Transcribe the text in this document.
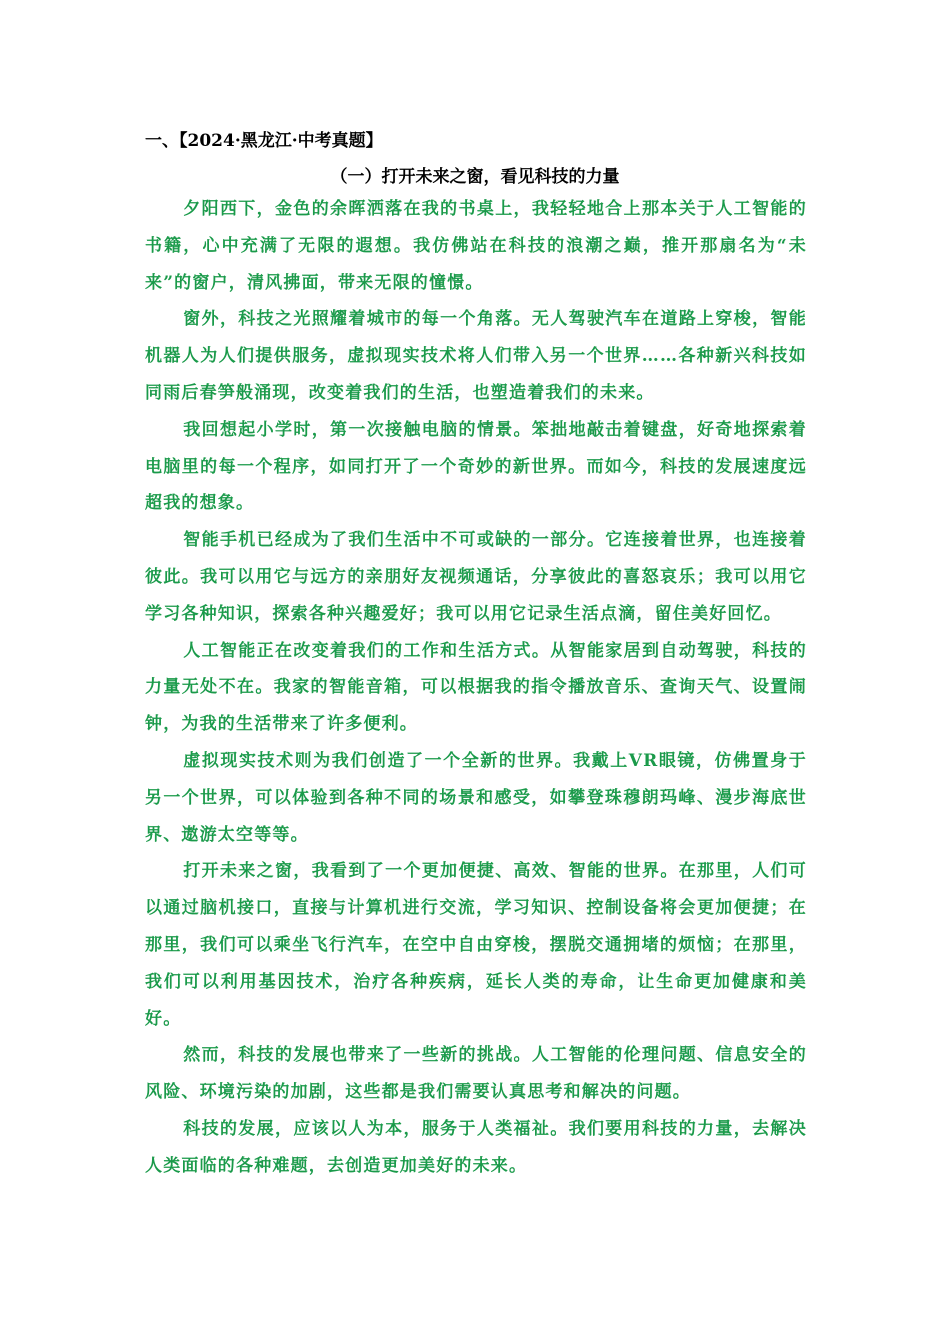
一、【2024·黑龙江·中考真题】
（一）打开未来之窗，看见科技的力量

夕阳西下，金色的余晖洒落在我的书桌上，我轻轻地合上那本关于人工智能的书籍，心中充满了无限的遐想。我仿佛站在科技的浪潮之巅，推开那扇名为“未来”的窗户，清风拂面，带来无限的憧憬。

窗外，科技之光照耀着城市的每一个角落。无人驾驶汽车在道路上穿梭，智能机器人为人们提供服务，虚拟现实技术将人们带入另一个世界……各种新兴科技如同雨后春笋般涌现，改变着我们的生活，也塑造着我们的未来。

我回想起小学时，第一次接触电脑的情景。笨拙地敲击着键盘，好奇地探索着电脑里的每一个程序，如同打开了一个奇妙的新世界。而如今，科技的发展速度远超我的想象。

智能手机已经成为了我们生活中不可或缺的一部分。它连接着世界，也连接着彼此。我可以用它与远方的亲朋好友视频通话，分享彼此的喜怒哀乐；我可以用它学习各种知识，探索各种兴趣爱好；我可以用它记录生活点滴，留住美好回忆。

人工智能正在改变着我们的工作和生活方式。从智能家居到自动驾驶，科技的力量无处不在。我家的智能音箱，可以根据我的指令播放音乐、查询天气、设置闹钟，为我的生活带来了许多便利。

虚拟现实技术则为我们创造了一个全新的世界。我戴上VR眼镜，仿佛置身于另一个世界，可以体验到各种不同的场景和感受，如攀登珠穆朗玛峰、漫步海底世界、遨游太空等等。

打开未来之窗，我看到了一个更加便捷、高效、智能的世界。在那里，人们可以通过脑机接口，直接与计算机进行交流，学习知识、控制设备将会更加便捷；在那里，我们可以乘坐飞行汽车，在空中自由穿梭，摆脱交通拥堵的烦恼；在那里，我们可以利用基因技术，治疗各种疾病，延长人类的寿命，让生命更加健康和美好。

然而，科技的发展也带来了一些新的挑战。人工智能的伦理问题、信息安全的风险、环境污染的加剧，这些都是我们需要认真思考和解决的问题。

科技的发展，应该以人为本，服务于人类福祉。我们要用科技的力量，去解决人类面临的各种难题，去创造更加美好的未来。
